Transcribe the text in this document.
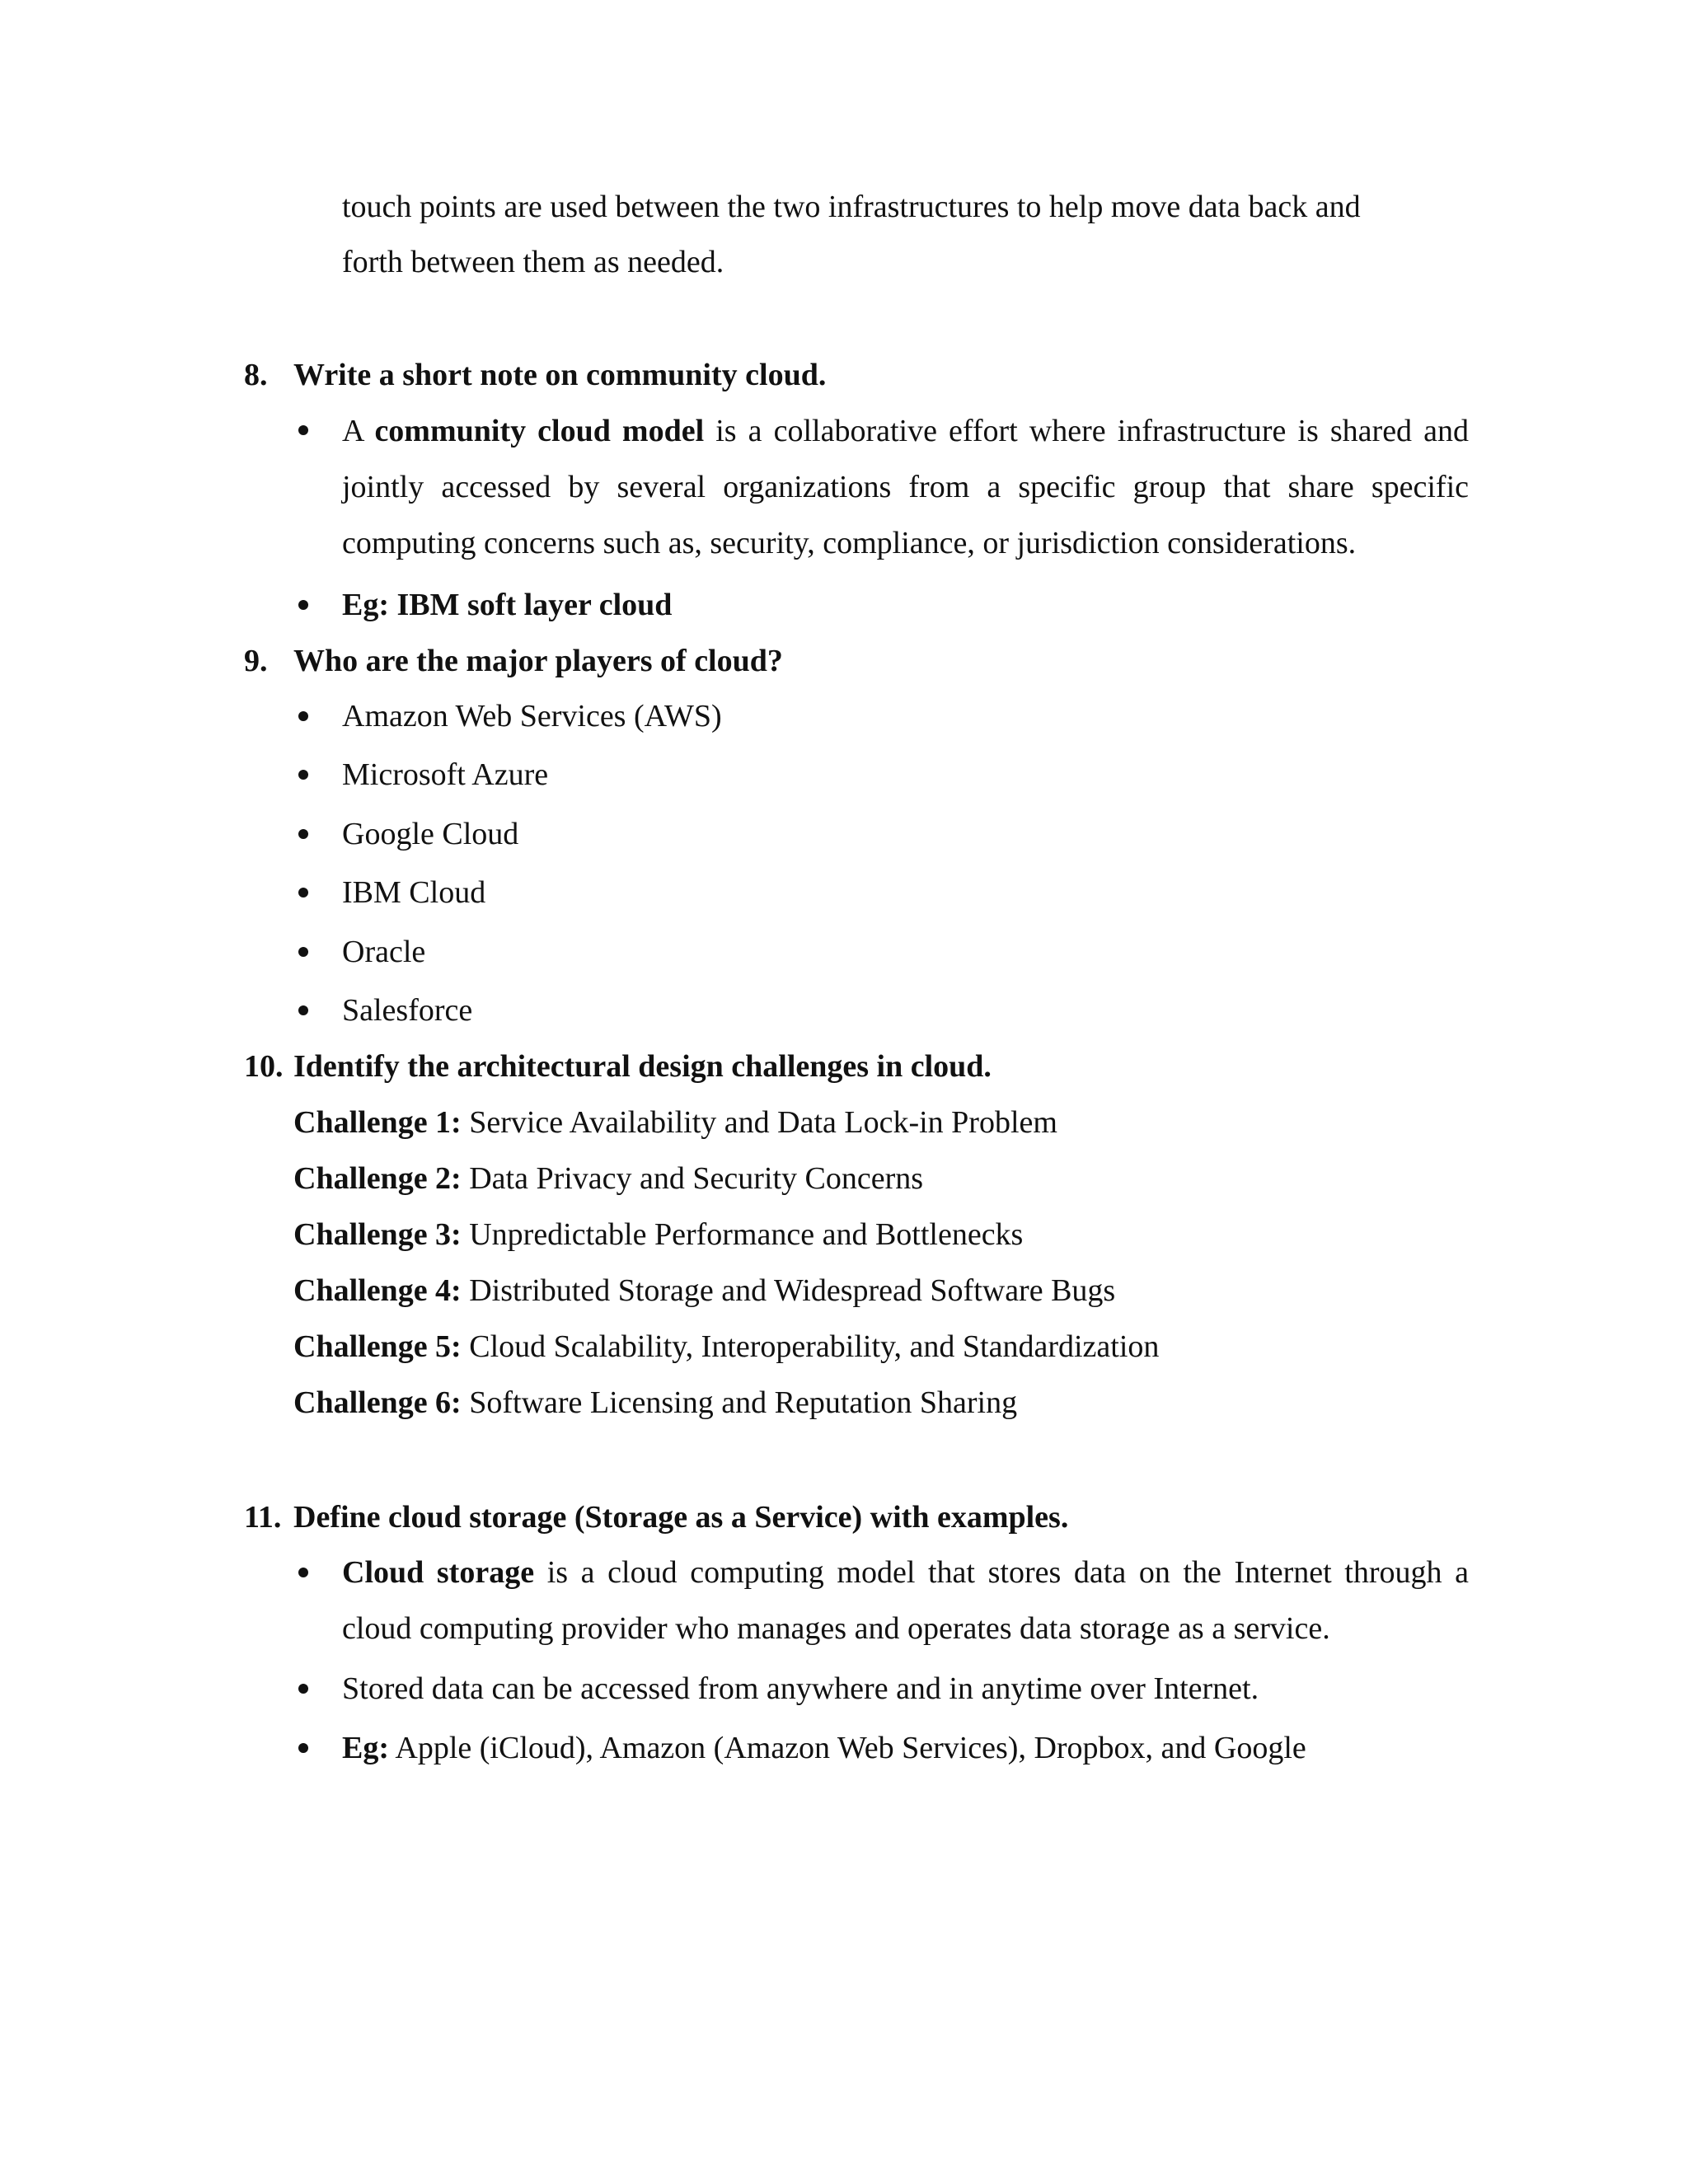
touch points are used between the two infrastructures to help move data back and
forth between them as needed.
8. Write a short note on community cloud.
A community cloud model is a collaborative effort where infrastructure is shared and
jointly accessed by several organizations from a specific group that share specific
computing concerns such as, security, compliance, or jurisdiction considerations.
Eg: IBM soft layer cloud
9. Who are the major players of cloud?
Amazon Web Services (AWS)
Microsoft Azure
Google Cloud
IBM Cloud
Oracle
Salesforce
10. Identify the architectural design challenges in cloud.
Challenge 1: Service Availability and Data Lock-in Problem
Challenge 2: Data Privacy and Security Concerns
Challenge 3: Unpredictable Performance and Bottlenecks
Challenge 4: Distributed Storage and Widespread Software Bugs
Challenge 5: Cloud Scalability, Interoperability, and Standardization
Challenge 6: Software Licensing and Reputation Sharing
11. Define cloud storage (Storage as a Service) with examples.
Cloud storage is a cloud computing model that stores data on the Internet through a
cloud computing provider who manages and operates data storage as a service.
Stored data can be accessed from anywhere and in anytime over Internet.
Eg: Apple (iCloud), Amazon (Amazon Web Services), Dropbox, and Google
